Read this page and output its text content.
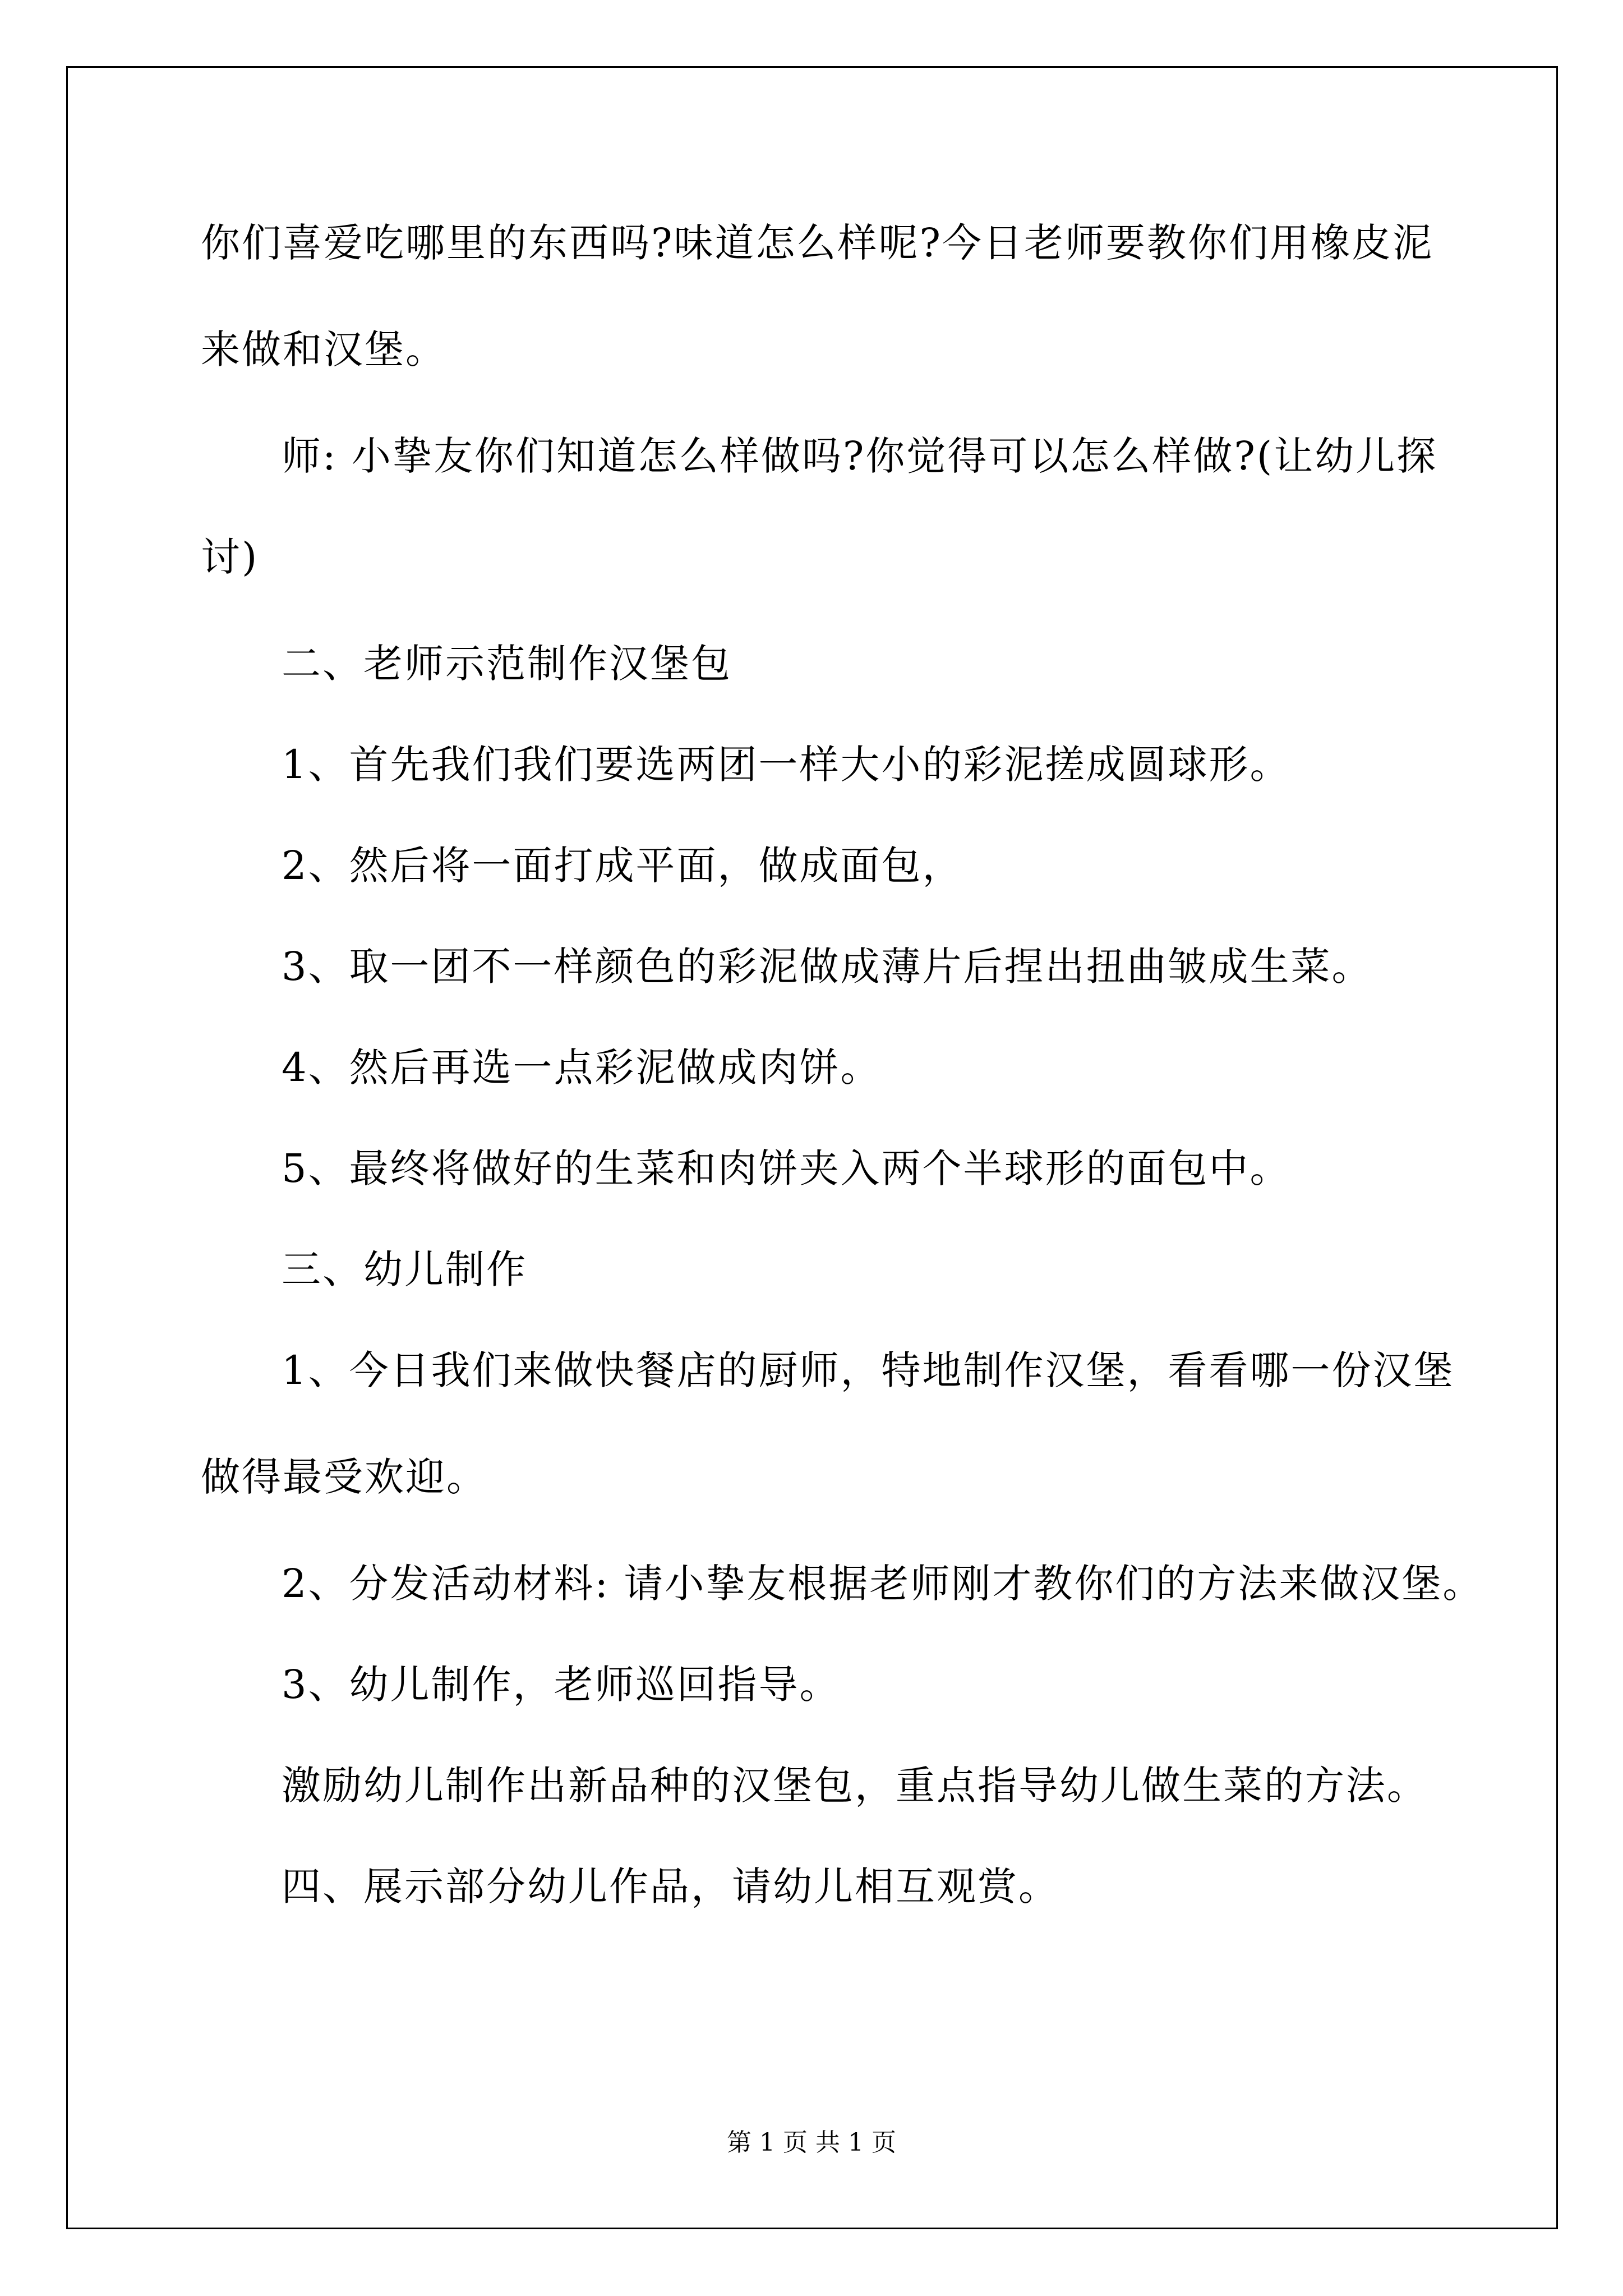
你们喜爱吃哪里的东西吗?味道怎么样呢?今日老师要教你们用橡皮泥
来做和汉堡。
师: 小挚友你们知道怎么样做吗?你觉得可以怎么样做?(让幼儿探
讨)
二、老师示范制作汉堡包
1、首先我们我们要选两团一样大小的彩泥搓成圆球形。
2、然后将一面打成平面，做成面包，
3、取一团不一样颜色的彩泥做成薄片后捏出扭曲皱成生菜。
4、然后再选一点彩泥做成肉饼。
5、最终将做好的生菜和肉饼夹入两个半球形的面包中。
三、幼儿制作
1、今日我们来做快餐店的厨师，特地制作汉堡，看看哪一份汉堡
做得最受欢迎。
2、分发活动材料: 请小挚友根据老师刚才教你们的方法来做汉堡。
3、幼儿制作，老师巡回指导。
激励幼儿制作出新品种的汉堡包，重点指导幼儿做生菜的方法。
四、展示部分幼儿作品，请幼儿相互观赏。
第 1 页 共 1 页
